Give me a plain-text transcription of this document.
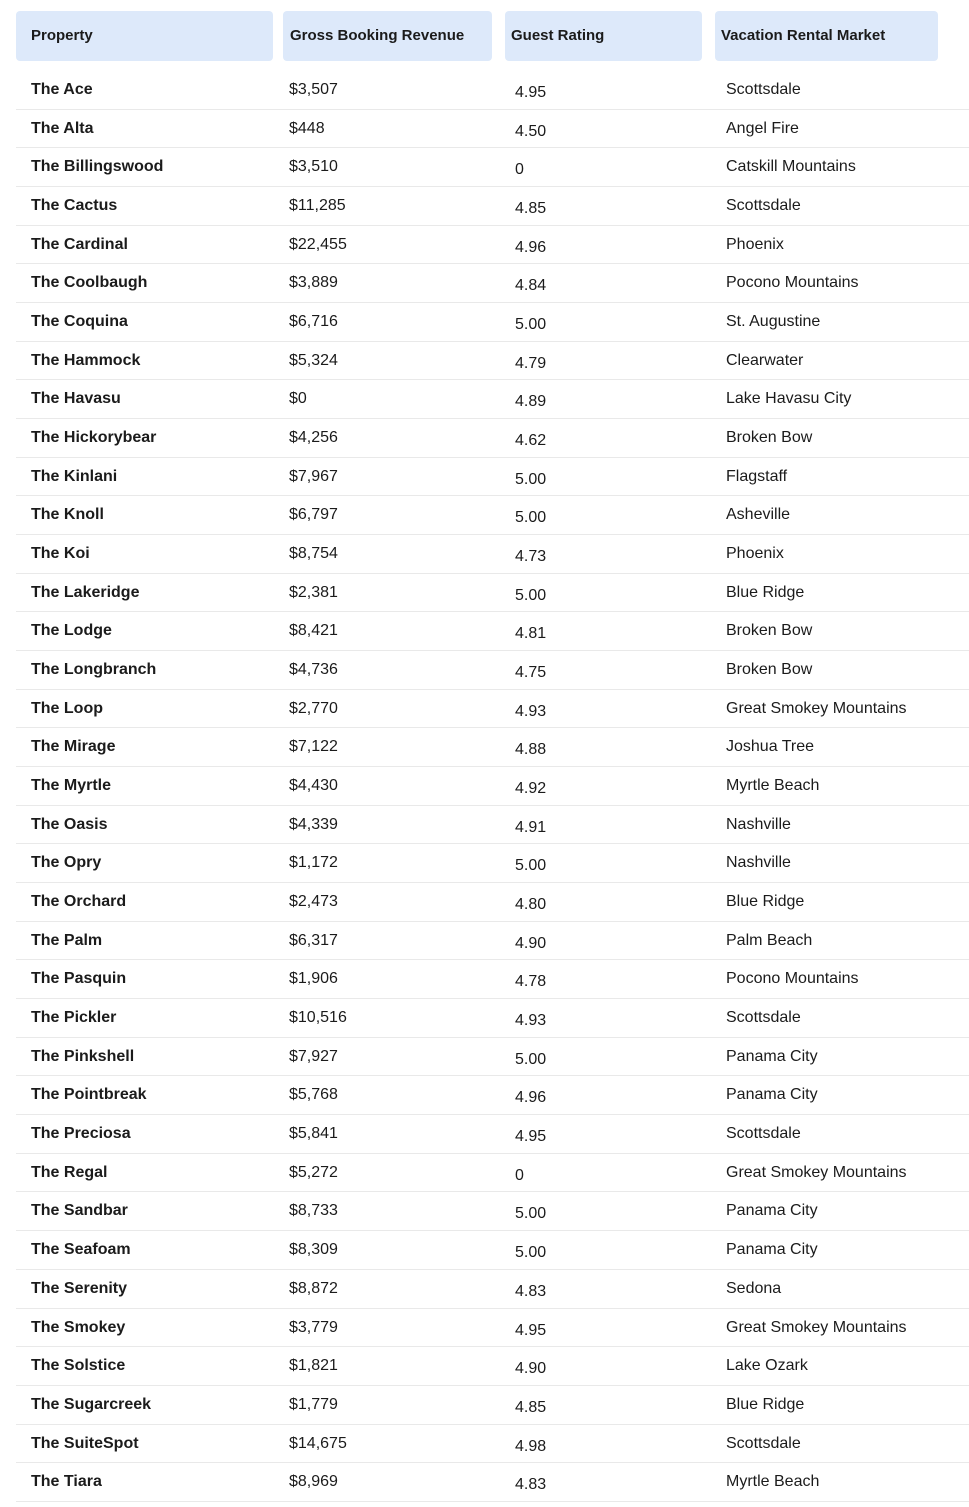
Property	Gross Booking Revenue	Guest Rating	Vacation Rental Market
The Ace	$3,507	4.95	Scottsdale
The Alta	$448	4.50	Angel Fire
The Billingswood	$3,510	0	Catskill Mountains
The Cactus	$11,285	4.85	Scottsdale
The Cardinal	$22,455	4.96	Phoenix
The Coolbaugh	$3,889	4.84	Pocono Mountains
The Coquina	$6,716	5.00	St. Augustine
The Hammock	$5,324	4.79	Clearwater
The Havasu	$0	4.89	Lake Havasu City
The Hickorybear	$4,256	4.62	Broken Bow
The Kinlani	$7,967	5.00	Flagstaff
The Knoll	$6,797	5.00	Asheville
The Koi	$8,754	4.73	Phoenix
The Lakeridge	$2,381	5.00	Blue Ridge
The Lodge	$8,421	4.81	Broken Bow
The Longbranch	$4,736	4.75	Broken Bow
The Loop	$2,770	4.93	Great Smokey Mountains
The Mirage	$7,122	4.88	Joshua Tree
The Myrtle	$4,430	4.92	Myrtle Beach
The Oasis	$4,339	4.91	Nashville
The Opry	$1,172	5.00	Nashville
The Orchard	$2,473	4.80	Blue Ridge
The Palm	$6,317	4.90	Palm Beach
The Pasquin	$1,906	4.78	Pocono Mountains
The Pickler	$10,516	4.93	Scottsdale
The Pinkshell	$7,927	5.00	Panama City
The Pointbreak	$5,768	4.96	Panama City
The Preciosa	$5,841	4.95	Scottsdale
The Regal	$5,272	0	Great Smokey Mountains
The Sandbar	$8,733	5.00	Panama City
The Seafoam	$8,309	5.00	Panama City
The Serenity	$8,872	4.83	Sedona
The Smokey	$3,779	4.95	Great Smokey Mountains
The Solstice	$1,821	4.90	Lake Ozark
The Sugarcreek	$1,779	4.85	Blue Ridge
The SuiteSpot	$14,675	4.98	Scottsdale
The Tiara	$8,969	4.83	Myrtle Beach
